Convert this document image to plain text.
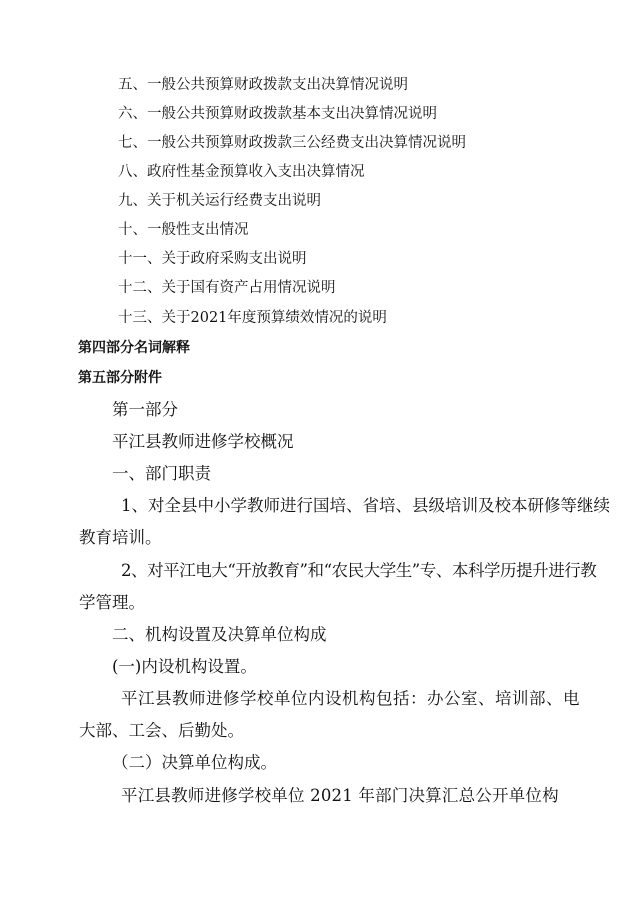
五、一般公共预算财政拨款支出决算情况说明
六、一般公共预算财政拨款基本支出决算情况说明
七、一般公共预算财政拨款三公经费支出决算情况说明
八、政府性基金预算收入支出决算情况
九、关于机关运行经费支出说明
十、一般性支出情况
十一、关于政府采购支出说明
十二、关于国有资产占用情况说明
十三、关于2021年度预算绩效情况的说明
第四部分名词解释
第五部分附件
第一部分
平江县教师进修学校概况
一、部门职责
1、对全县中小学教师进行国培、省培、县级培训及校本研修等继续
教育培训。
2、对平江电大“开放教育”和“农民大学生”专、本科学历提升进行教
学管理。
二、机构设置及决算单位构成
(一)内设机构设置。
平江县教师进修学校单位内设机构包括：办公室、培训部、电
大部、工会、后勤处。
（二）决算单位构成。
平江县教师进修学校单位 2021 年部门决算汇总公开单位构
